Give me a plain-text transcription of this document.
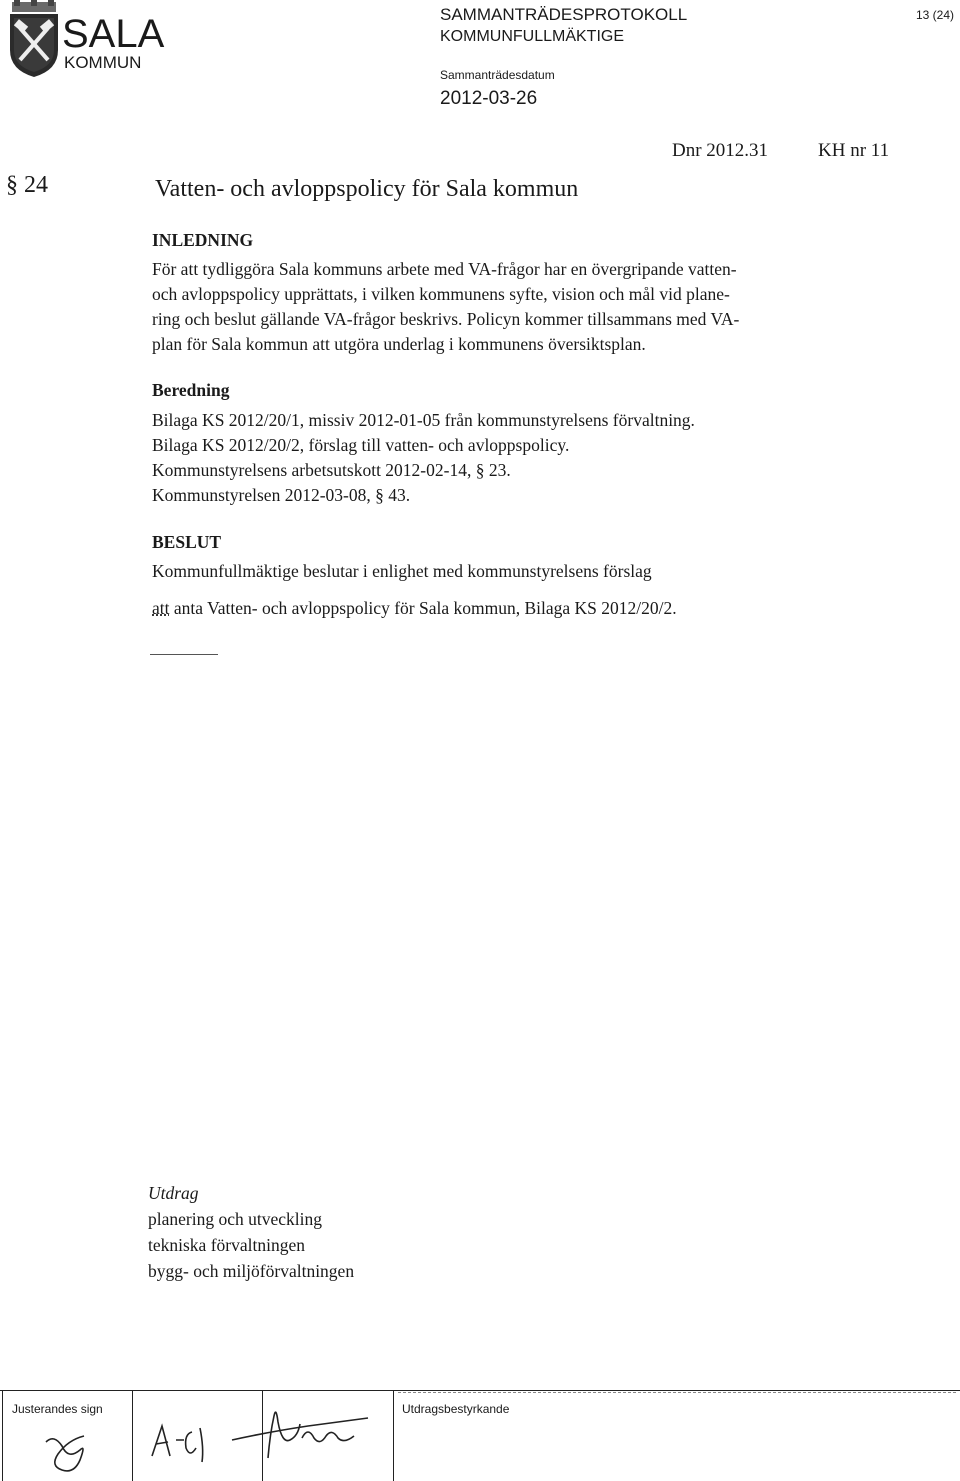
SALA
KOMMUN
SAMMANTRÄDESPROTOKOLL
KOMMUNFULLMÄKTIGE
Sammanträdesdatum
2012-03-26
13 (24)
Dnr 2012.31	KH nr 11
§ 24	Vatten- och avloppspolicy för Sala kommun
INLEDNING
För att tydliggöra Sala kommuns arbete med VA-frågor har en övergripande vatten-
och avloppspolicy upprättats, i vilken kommunens syfte, vision och mål vid plane-
ring och beslut gällande VA-frågor beskrivs. Policyn kommer tillsammans med VA-
plan för Sala kommun att utgöra underlag i kommunens översiktsplan.
Beredning
Bilaga KS 2012/20/1, missiv 2012-01-05 från kommunstyrelsens förvaltning.
Bilaga KS 2012/20/2, förslag till vatten- och avloppspolicy.
Kommunstyrelsens arbetsutskott 2012-02-14, § 23.
Kommunstyrelsen 2012-03-08, § 43.
BESLUT
Kommunfullmäktige beslutar i enlighet med kommunstyrelsens förslag
att anta Vatten- och avloppspolicy för Sala kommun, Bilaga KS 2012/20/2.
Utdrag
planering och utveckling
tekniska förvaltningen
bygg- och miljöförvaltningen
Justerandes sign	Utdragsbestyrkande
